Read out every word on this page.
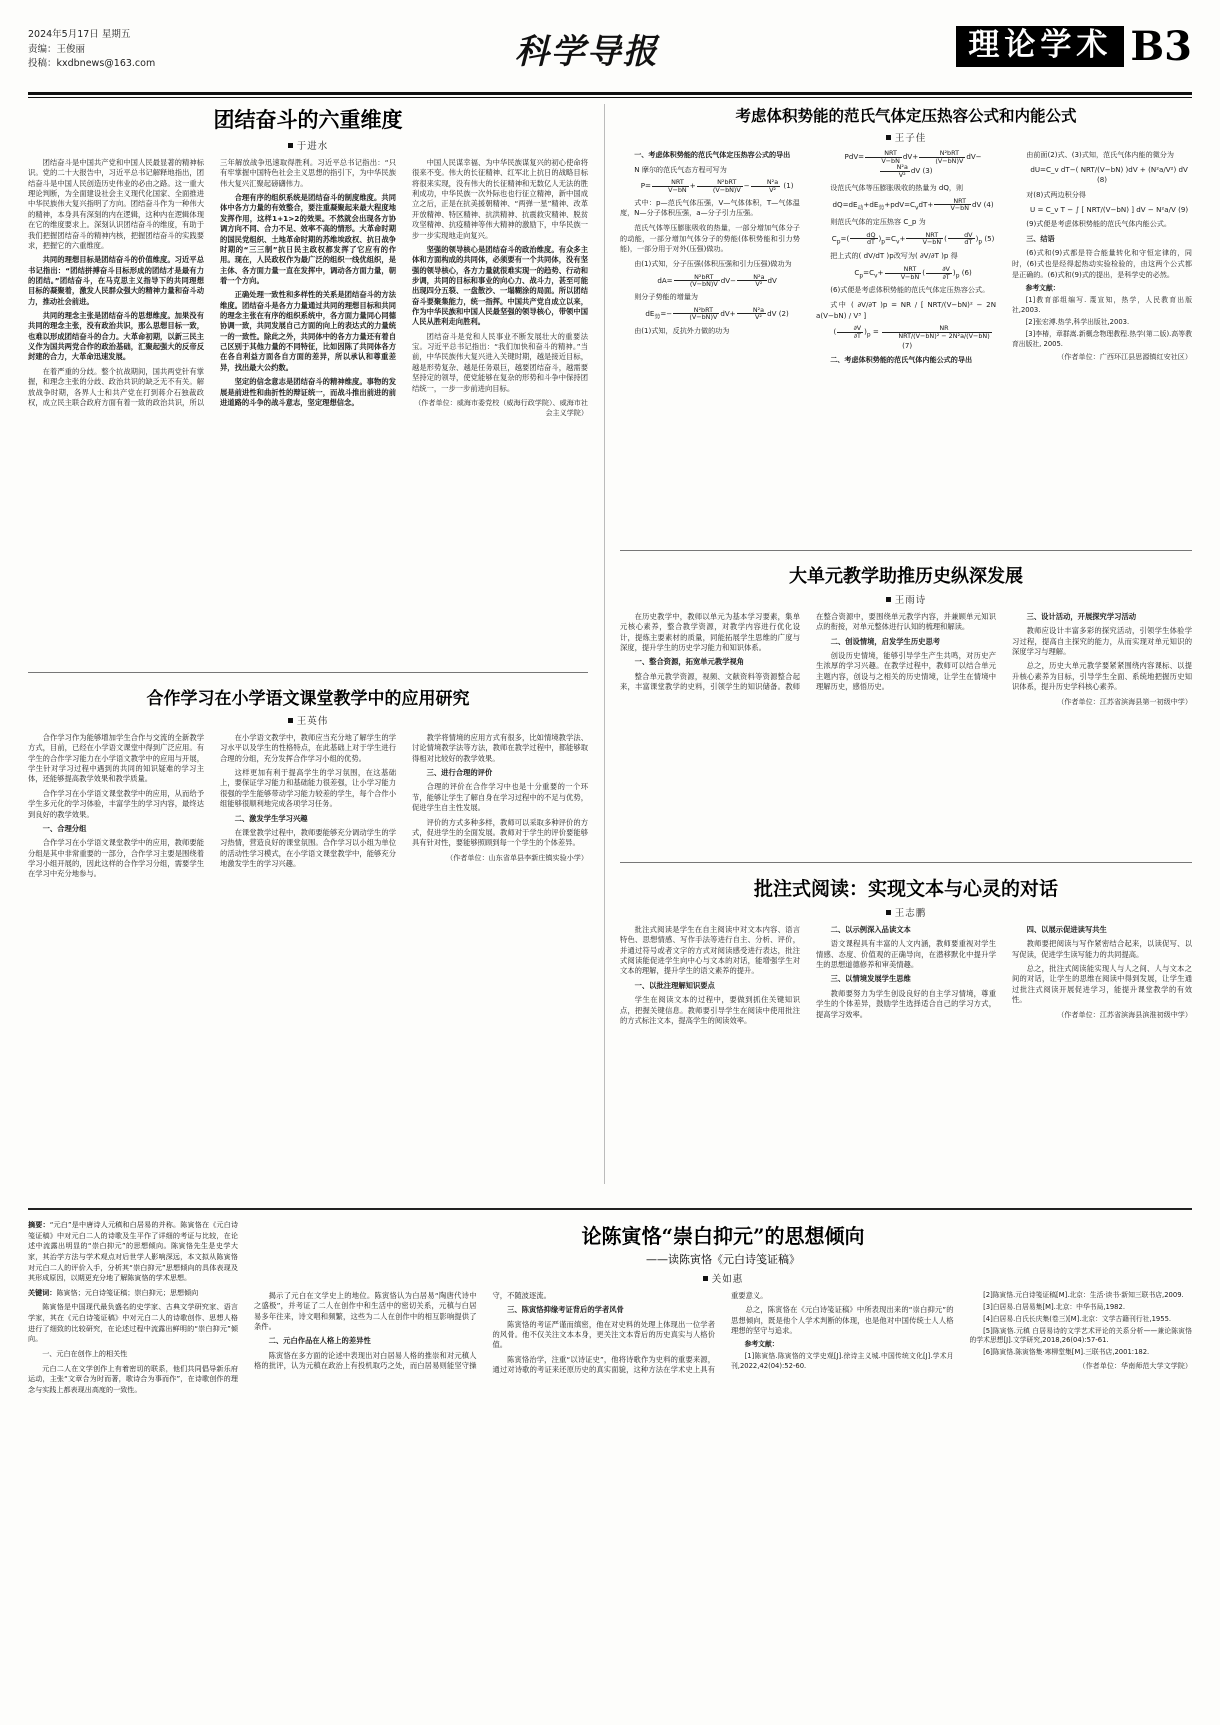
2024年5月17日 星期五
责编：王俊丽
投稿：kxdbnews@163.com	科学导报	理论学术 B3
团结奋斗的六重维度
于进水

团结奋斗是中国共产党和中国人民最显著的精神标识。党的二十大报告中，习近平总书记解释地指出，团结奋斗是中国人民创造历史伟业的必由之路。这一重大理论判断，为全面建设社会主义现代化国家、全面推进中华民族伟大复兴指明了方向。团结奋斗作为一种伟大的精神，本身具有深刻的内在逻辑，这种内在逻辑体现在它的维度要求上。深刻认识团结奋斗的维度，有助于我们把握团结奋斗的精神内核，把握团结奋斗的实践要求，把握它的六重维度。

共同的理想目标是团结奋斗的价值维度。习近平总书记指出：“团结拼搏奋斗目标形成的团结才是最有力的团结。”团结奋斗，在马克思主义指导下的共同理想目标的凝聚着，激发人民群众强大的精神力量和奋斗动力，推动社会前进。

共同的理念主张是团结奋斗的思想维度。加果没有共同的理念主张，没有政治共识，那么思想目标一致，也难以形成团结奋斗的合力。大革命初期，以新三民主义作为国共两党合作的政治基础，汇聚起强大的反帝反封建的合力，大革命迅速发展。

在着严重的分歧。整个抗战期间，国共两党针有掌握，和理念主张的分歧、政治共识的缺乏无不有关。解放战争时期，各界人士和共产党在打到蒋介石独裁政权，成立民主联合政府方面有着一致的政治共识，所以三年解放战争迅速取得胜利。习近平总书记指出：“只有牢掌握中国特色社会主义思想的指引下，为中华民族伟大复兴汇聚起磅礴伟力。

合理有序的组织系统是团结奋斗的制度维度。共同体中各方力量的有效整合，要注重凝聚起来最大程度地发挥作用，这样1+1>2的效果。不然就会出现各方协调方向不同、合力不足、效率不高的情形。大革命时期的国民党组织、土地革命时期的苏维埃政权、抗日战争时期的“三三制”抗日民主政权都发挥了它应有的作用。现在，人民政权作为最广泛的组织一线优组织，是主体、各方面力量一直在发挥中，调动各方面力量，朝着一个方向。

正确处理一致性和多样性的关系是团结奋斗的方法维度。团结奋斗是各方力量通过共同的理想目标和共同的理念主张在有序的组织系统中，各方面力量同心同德协调一致，共同发展自己方面的向上的表达式的力量统一的一致性。除此之外，共同体中的各方力量还有着自己区别于其他力量的不同特征，比如因陈了共同体各方在各自利益方面各自方面的差异，所以承认和尊重差异，找出最大公约数。

坚定的信念意志是团结奋斗的精神维度。事物的发展是前进性和曲折性的辩证统一，而战斗推出前进的前进道路的斗争的战斗意志，坚定理想信念。

中国人民谋幸福、为中华民族谋复兴的初心使命将很来不变。伟大的长征精神、红军北上抗日的战略目标将很来实现，没有伟大的长征精神和无数亿人无法的胜利成功，中华民族一次外际也也行征立精神，新中国成立之后，正是在抗美援朝精神、“两弹一星”精神、改革开放精神、特区精神、抗洪精神、抗震救灾精神、脱贫攻坚精神、抗疫精神等伟大精神的激励下，中华民族一步一步实现地走向复兴。

坚强的领导核心是团结奋斗的政治维度。有众多主体和方面构成的共同体，必须要有一个共同体，没有坚强的领导核心，各方力量就很难实现一的趋势、行动和步调，共同的目标和事业的向心力、战斗力，甚至可能出现四分五裂、一盘散沙、一塌糊涂的局面。所以团结奋斗要聚集能力，统一指挥。中国共产党自成立以来，作为中华民族和中国人民最坚强的领导核心，带领中国人民从胜利走向胜利。

团结奋斗是党和人民事业不断发展壮大的重要法宝。习近平总书记指出：“我们加快和奋斗的精神。”当前，中华民族伟大复兴进入关键时期，越是接近目标，越是形势复杂、越是任务艰巨，越要团结奋斗，越需要坚持定的领导，使党能够在复杂的形势和斗争中保持团结统一，一步一步前进向目标。

（作者单位：威海市委党校（威海行政学院）、威海市社会主义学院）

合作学习在小学语文课堂教学中的应用研究
王英伟

合作学习作为能够增加学生合作与交流的全新教学方式，目前，已经在小学语文课堂中得到广泛应用。有学生的合作学习能力在小学语文教学中的应用与开展，学生针对学习过程中遇到的共同的知识疑难的学习主体，还能够提高教学效果和教学质量。

合作学习在小学语文课堂教学中的应用，从而给予学生多元化的学习体验，丰富学生的学习内容，最终达到良好的教学效果。

一、合理分组

合作学习在小学语文课堂教学中的应用，教师要能分组是其中非常重要的一部分，合作学习主要是围绕着学习小组开展的，因此这样的合作学习分组，需要学生在学习中充分地参与。

在小学语文教学中，教师应当充分地了解学生的学习水平以及学生的性格特点，在此基础上对于学生进行合理的分组，充分发挥合作学习小组的优势。

这样更加有利于提高学生的学习氛围，在这基础上，要保证学习能力和基础能力很差强，让小学习能力很强的学生能够带动学习能力较差的学生，每个合作小组能够很顺利地完成各项学习任务。

二、激发学生学习兴趣

在课堂教学过程中，教师要能够充分调动学生的学习热情，营造良好的课堂氛围。合作学习以小组为单位的活动性学习模式，在小学语文课堂教学中，能够充分地激发学生的学习兴趣。

教学将情境的应用方式有很多，比如情境教学法、讨论情境教学法等方法，教师在教学过程中，都能够取得相对比较好的教学效果。

三、进行合理的评价

合理的评价在合作学习中也是十分重要的一个环节，能够让学生了解自身在学习过程中的不足与优势，促进学生自主性发展。

评价的方式多种多样，教师可以采取多种评价的方式，促进学生的全面发展。教师对于学生的评价要能够具有针对性，要能够照顾到每一个学生的个体差异。

（作者单位：山东省单县李新庄镇实验小学）

考虑体积势能的范氏气体定压热容公式和内能公式
王子佳

一、考虑体积势能的范氏气体定压热容公式的导出

N 摩尔的范氏气态方程可写为

$P= \frac{\text{NRT}}{V-bN} + \frac{\text{N²bRT}}{(V-bN)V} - \frac{\text{N²a}}{\text{V²}} (1)$

式中：p—范氏气体压强，V—气体体积，T—气体温度，N—分子体积压强，a—分子引力压强。

范氏气体等压膨胀吸收的热量，一部分增加气体分子的动能，一部分增加气体分子的势能(体积势能和引力势能)，一部分用于对外(压强)做功。

由(1)式知，分子压强(体积压强和引力压强)做功为

$dA= \frac{\text{N²bRT}}{(V-bN)V} dV- \frac{\text{N²a}}{\text{V²}}$ dV

则分子势能的增量为

$dE_势=- \frac{\text{N²bRT}}{(V-bN)V} dV+ \frac{\text{N²a}}{\text{V²}}$ dV (2)

由(1)式知，反抗外力做的功为

$PdV= \frac{\text{NRT}}{V-bN} dV+ \frac{\text{N²bRT}}{(V-bN)V} dV-$
$\frac{\text{N²a}}{\text{V²}}$ dV (3)

设范氏气体等压膨胀吸收的热量为 dQ，则

$dQ=dE_动+dE_势+pdV=C_vdT+ \frac{\text{NRT}}{V-bN}$ dV (4)

则范氏气体的定压热容 C_p 为

$C_p=( \frac{dQ}{dT} )_p=C_v+ \frac{\text{NRT}}{V-bN}$ ( $\frac{dV}{dT} )_p$ (5)

把上式的( dV/dT )p改写为( ∂V/∂T )p 得

$C_p=C_v+ \frac{\text{NRT}}{V-bN}$ ( $\frac{\partial V}{\partial T} )_p$ (6)

(6)式便是考虑体积势能的范氏气体定压热容公式。

式中 ( ∂V/∂T )p = NR / [ NRT/(V−bN)² − 2N a(V−bN) / V³ ]

( $\frac{\partial V}{\partial T} )_p = \frac{NR}{\text{NRT/(V−bN)² − 2N²a/(V−bN)}}$
(7)

二、考虑体积势能的范氏气体内能公式的导出

由前面(2)式、(3)式知，范氏气体内能的微分为

dU=C_v dT−( NRT/(V−bN) )dV + (N²a/V²) dV (8)

对(8)式两边积分得

U = C_v T − ∫ [ NRT/(V−bN) ] dV − N²a/V (9)

(9)式便是考虑体积势能的范氏气体内能公式。

三、结语

(6)式和(9)式都是符合能量转化和守恒定律的，同时，(6)式也是经得起热动实验检验的，由这两个公式都是正确的。(6)式和(9)式的提出，是科学史的必然。

参考文献：

[1]教育部组编写. 蔑宣知，热学，人民教育出版社,2003.

[2]张宏溥.热学,科学出版社,2003.

[3]李椿，章群嵩.新概念物理教程.热学(第二版).高等教育出版社, 2005.

（作者单位：广西环江县思源镇红安社区）

大单元教学助推历史纵深发展
王雨诗

在历史教学中，教师以单元为基本学习要素，集单元核心素养，整合教学资源，对教学内容进行优化设计，提炼主要素材的质量，同能拓展学生思维的广度与深度，提升学生的历史学习能力和知识体系。

一、整合资源，拓宽单元教学视角

整合单元教学资源，视频、文献资料等资源整合起来，丰富课堂教学的史料，引领学生的知识储备。教师在整合资源中，要围绕单元教学内容，并兼顾单元知识点的衔接，对单元整体进行认知的梳理和解读。

二、创设情境，启发学生历史思考

创设历史情境，能够引导学生产生共鸣，对历史产生浓厚的学习兴趣。在教学过程中，教师可以结合单元主题内容，创设与之相关的历史情境，让学生在情境中理解历史，感悟历史。

三、设计活动，开展探究学习活动

教师应设计丰富多彩的探究活动，引领学生体验学习过程，提高自主探究的能力，从而实现对单元知识的深度学习与理解。

总之，历史大单元教学要紧紧围绕内容课标、以提升核心素养为目标，引导学生全面、系统地把握历史知识体系，提升历史学科核心素养。

（作者单位：江苏省滨海县第一初级中学）

批注式阅读：实现文本与心灵的对话
王志鹏

批注式阅读是学生在自主阅读中对文本内容、语言特色、思想情感、写作手法等进行自主、分析、评价，并通过符号或者文字的方式对阅读感受进行表达，批注式阅读能促进学生向中心与文本的对话，能增强学生对文本的理解，提升学生的语文素养的提升。

一、以批注理解知识要点

学生在阅读文本的过程中，要做到抓住关键知识点，把握关键信息。教师要引导学生在阅读中使用批注的方式标注文本，提高学生的阅读效率。

二、以示例深入品读文本

语文课程具有丰富的人文内涵，教师要重视对学生情感、态度、价值观的正确导向，在潜移默化中提升学生的思想道德修养和审美情趣。

三、以情境发展学生思维

教师要努力为学生创设良好的自主学习情境，尊重学生的个体差异，鼓励学生选择适合自己的学习方式，提高学习效率。

四、以展示促进读写共生

教师要把阅读与写作紧密结合起来，以读促写、以写促读，促进学生读写能力的共同提高。

总之，批注式阅读能实现人与人之间、人与文本之间的对话，让学生的思维在阅读中得到发展，让学生通过批注式阅读开展促进学习，能提升课堂教学的有效性。

（作者单位：江苏省滨海县滨淮初级中学）

摘要：“元白”是中唐诗人元稹和白居易的并称。陈寅恪在《元白诗笺证稿》中对元白二人的诗歌及生平作了详细的考证与比较，在论述中流露出明显的“崇白抑元”的思想倾向。陈寅恪先生是史学大家，其治学方法与学术观点对后世学人影响深远，本文拟从陈寅恪对元白二人的评价入手，分析其“崇白抑元”思想倾向的具体表现及其形成原因，以期更充分地了解陈寅恪的学术思想。

关键词：陈寅恪；元白诗笺证稿；崇白抑元；思想倾向

陈寅恪是中国现代最负盛名的史学家、古典文学研究家、语言学家，其在《元白诗笺证稿》中对元白二人的诗歌创作、思想人格进行了细致的比较研究，在论述过程中流露出鲜明的“崇白抑元”倾向。

一、元白在创作上的相关性

元白二人在文学创作上有着密切的联系，他们共同倡导新乐府运动，主张“文章合为时而著，歌诗合为事而作”，在诗歌创作的理念与实践上都表现出高度的一致性。

论陈寅恪“崇白抑元”的思想倾向
——读陈寅恪《元白诗笺证稿》
关如惠

揭示了元白在文学史上的地位。陈寅恪认为白居易“陶唐代诗中之盛极”，并考证了二人在创作中和生活中的密切关系，元稹与白居易多年往来，诗文唱和频繁，这些为二人在创作中的相互影响提供了条件。

二、元白作品在人格上的差异性

陈寅恪在多方面的论述中表现出对白居易人格的推崇和对元稹人格的批评，认为元稹在政治上有投机取巧之处，而白居易则能坚守操守，不随波逐流。

三、陈寅恪抑缘考证背后的学者风骨

陈寅恪的考证严谨而缜密，他在对史料的处理上体现出一位学者的风骨。他不仅关注文本本身，更关注文本背后的历史真实与人格价值。

陈寅恪治学，注重“以诗证史”，他将诗歌作为史料的重要来源，通过对诗歌的考证来还原历史的真实面貌，这种方法在学术史上具有重要意义。

总之，陈寅恪在《元白诗笺证稿》中所表现出来的“崇白抑元”的思想倾向，既是他个人学术判断的体现，也是他对中国传统士人人格理想的坚守与追求。

参考文献：

[1]陈寅恪.陈寅恪的文学史观[J].徐诗主义城.中国传统文化[J].学术月刊,2022,42(04):52-60.

[2]陈寅恪.元白诗笺证稿[M].北京：生活·读书·新知三联书店,2009.

[3]白居易.白居易集[M].北京：中华书局,1982.

[4]白居易.白氏长庆集(卷三)[M].北京：文学古籍刊行社,1955.

[5]陈寅恪.元稹 白居易诗的文学艺术评论的关系分析——兼论陈寅恪的学术思想[J].文学研究,2018,26(04):57-61.

[6]陈寅恪.陈寅恪集·寒柳堂集[M].三联书店,2001:182.

（作者单位：华南师范大学文学院）
